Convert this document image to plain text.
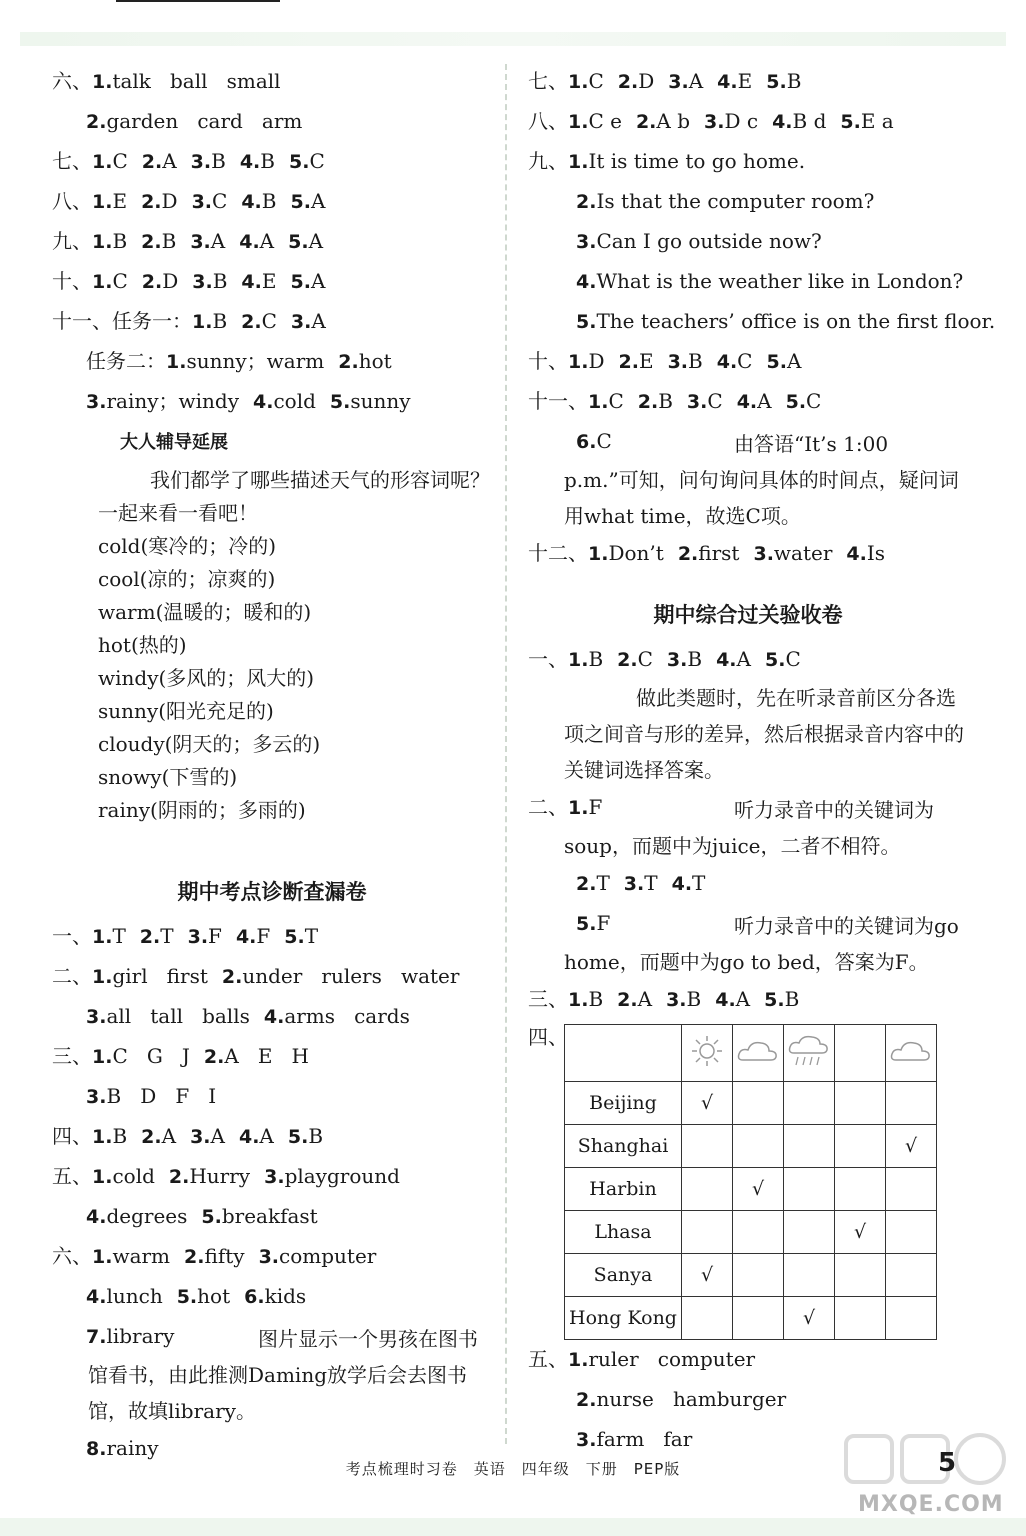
六、1.talk   ball   small
2.garden   card   arm
七、1.C 2.A 3.B 4.B 5.C
八、1.E 2.D 3.C 4.B 5.A
九、1.B 2.B 3.A 4.A 5.A
十、1.C 2.D 3.B 4.E 5.A
十一、任务一：1.B 2.C 3.A
任务二：1.sunny；warm 2.hot
3.rainy；windy 4.cold 5.sunny
大人辅导延展
我们都学了哪些描述天气的形容词呢？一起来看一看吧！
cold(寒冷的；冷的)
cool(凉的；凉爽的)
warm(温暖的；暖和的)
hot(热的)
windy(多风的；风大的)
sunny(阳光充足的)
cloudy(阴天的；多云的)
snowy(下雪的)
rainy(阴雨的；多雨的)
期中考点诊断查漏卷
一、1.T 2.T 3.F 4.F 5.T
二、1.girl   first 2.under   rulers   water
3.all   tall   balls 4.arms   cards
三、1.C   G   J 2.A   E   H
3.B   D   F   I
四、1.B 2.A 3.A 4.A 5.B
五、1.cold 2.Hurry 3.playground
4.degrees 5.breakfast
六、1.warm 2.fifty 3.computer
4.lunch 5.hot 6.kids
7.library	图片显示一个男孩在图书馆看书，由此推测Daming放学后会去图书馆，故填library。
8.rainy
七、1.C 2.D 3.A 4.E 5.B
八、1.C e 2.A b 3.D c 4.B d 5.E a
九、1.It is time to go home.
2.Is that the computer room?
3.Can I go outside now?
4.What is the weather like in London?
5.The teachers’ office is on the first floor.
十、1.D 2.E 3.B 4.C 5.A
十一、1.C 2.B 3.C 4.A 5.C
6.C	由答语“It’s 1:00 p.m.”可知，问句询问具体的时间点，疑问词用what time，故选C项。
十二、1.Don’t 2.first 3.water 4.Is
期中综合过关验收卷
一、1.B 2.C 3.B 4.A 5.C
做此类题时，先在听录音前区分各选项之间音与形的差异，然后根据录音内容中的关键词选择答案。
二、1.F	听力录音中的关键词为soup，而题中为juice，二者不相符。
2.T 3.T 4.T
5.F	听力录音中的关键词为go home，而题中为go to bed，答案为F。
三、1.B 2.A 3.B 4.A 5.B
四、

Beijing	√				
Shanghai					√
Harbin		√			
Lhasa				√	
Sanya	√				
Hong Kong			√		
五、1.ruler   computer
2.nurse   hamburger
3.farm   far
考点梳理时习卷　英语　四年级　下册　PEP版	5
MXQE.COM
